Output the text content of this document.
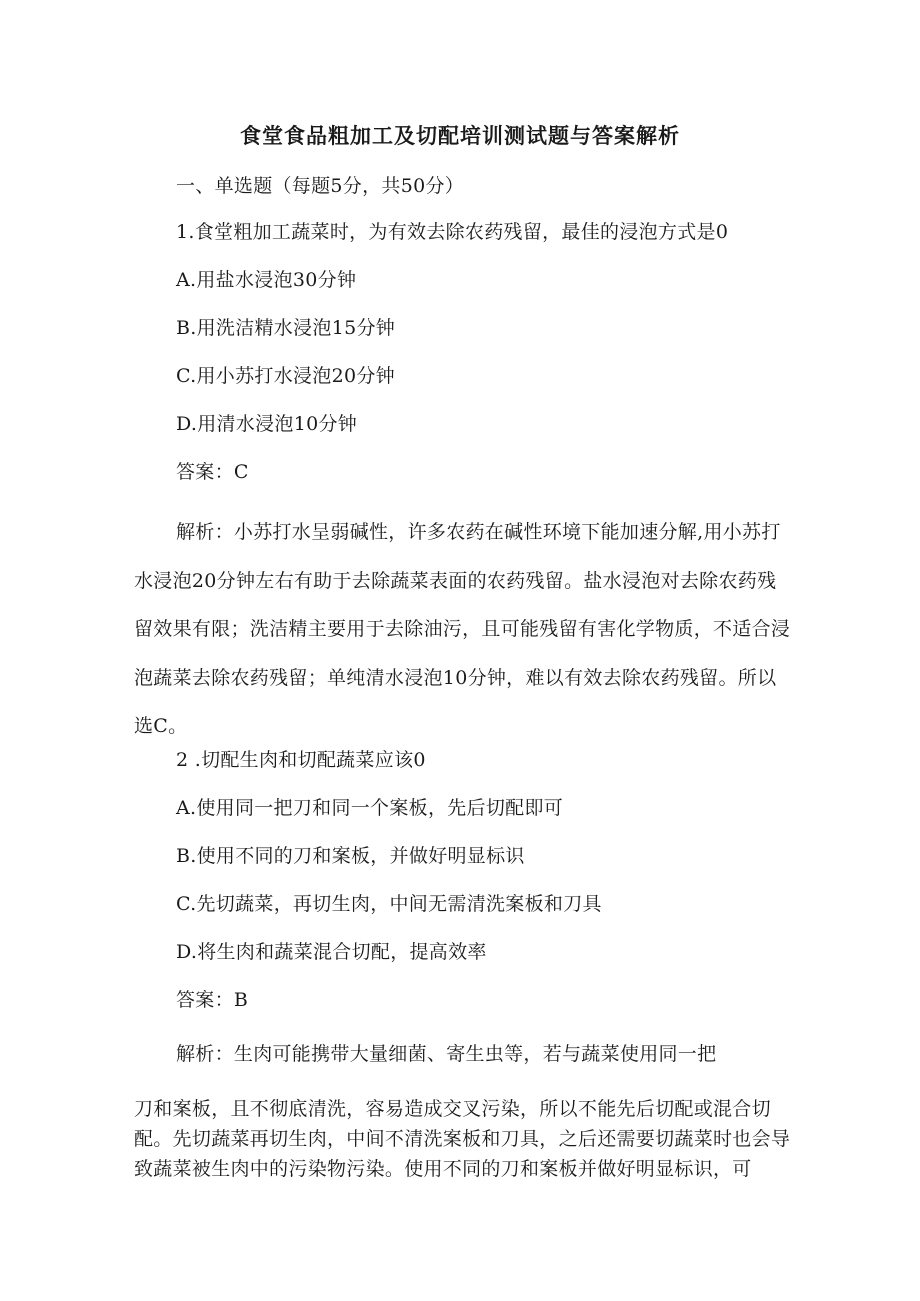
食堂食品粗加工及切配培训测试题与答案解析

一、单选题（每题5分，共50分）

1.食堂粗加工蔬菜时，为有效去除农药残留，最佳的浸泡方式是0

A.用盐水浸泡30分钟

B.用洗洁精水浸泡15分钟

C.用小苏打水浸泡20分钟

D.用清水浸泡10分钟

答案：C

解析：小苏打水呈弱碱性，许多农药在碱性环境下能加速分解,用小苏打水浸泡20分钟左右有助于去除蔬菜表面的农药残留。盐水浸泡对去除农药残留效果有限；洗洁精主要用于去除油污，且可能残留有害化学物质，不适合浸泡蔬菜去除农药残留；单纯清水浸泡10分钟，难以有效去除农药残留。所以选C。

2 .切配生肉和切配蔬菜应该0

A.使用同一把刀和同一个案板，先后切配即可

B.使用不同的刀和案板，并做好明显标识

C.先切蔬菜，再切生肉，中间无需清洗案板和刀具

D.将生肉和蔬菜混合切配，提高效率

答案：B

解析：生肉可能携带大量细菌、寄生虫等，若与蔬菜使用同一把

刀和案板，且不彻底清洗，容易造成交叉污染，所以不能先后切配或混合切配。先切蔬菜再切生肉，中间不清洗案板和刀具，之后还需要切蔬菜时也会导致蔬菜被生肉中的污染物污染。使用不同的刀和案板并做好明显标识，可
